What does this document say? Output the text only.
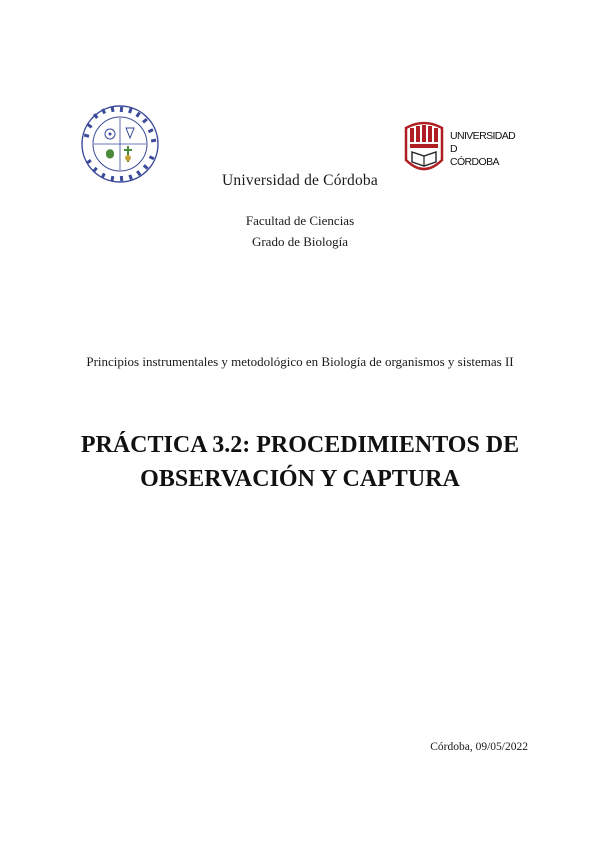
UNIVERSIDAD
D
CÓRDOBA
Universidad de Córdoba
Facultad de Ciencias
Grado de Biología
Principios instrumentales y metodológico en Biología de organismos y sistemas II
PRÁCTICA 3.2: PROCEDIMIENTOS DE OBSERVACIÓN Y CAPTURA
Córdoba, 09/05/2022
